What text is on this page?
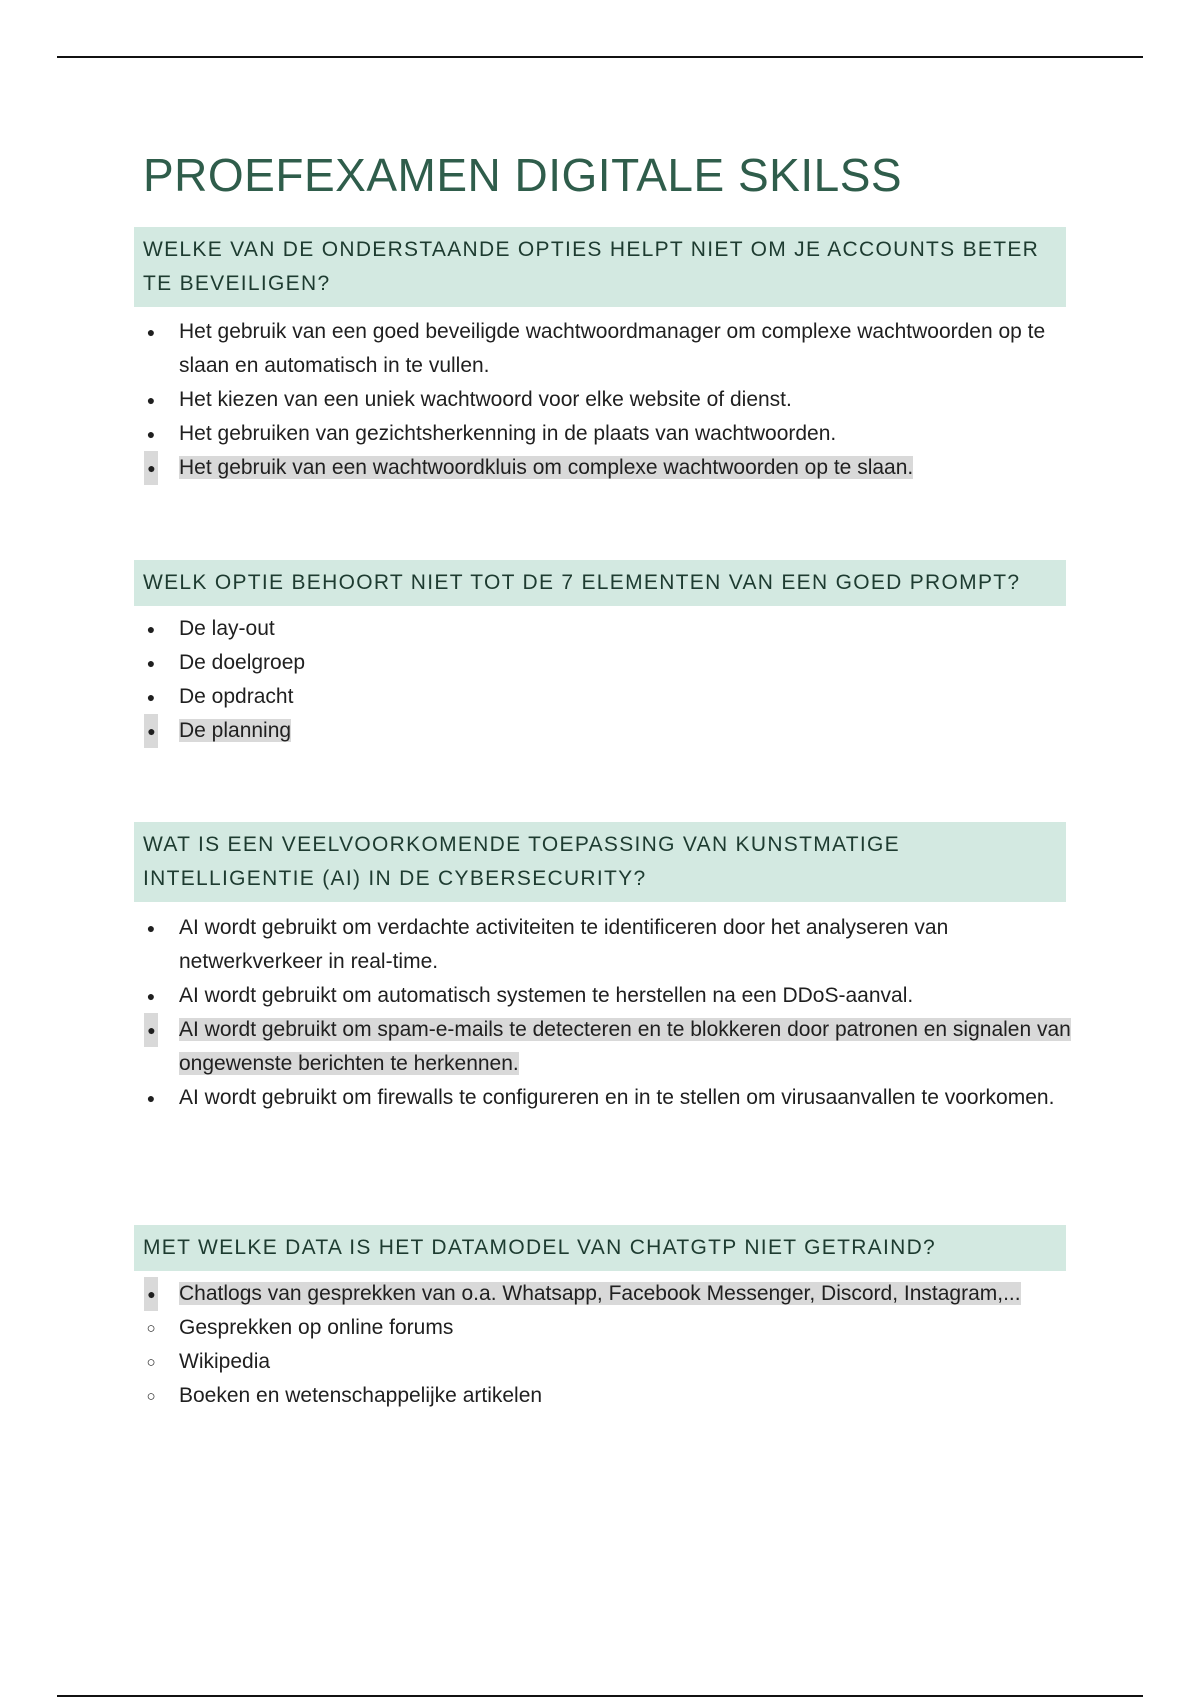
PROEFEXAMEN DIGITALE SKILSS
WELKE VAN DE ONDERSTAANDE OPTIES HELPT NIET OM JE ACCOUNTS BETER TE BEVEILIGEN?
●
Het gebruik van een goed beveiligde wachtwoordmanager om complexe wachtwoorden op te slaan en automatisch in te vullen.
●
Het kiezen van een uniek wachtwoord voor elke website of dienst.
●
Het gebruiken van gezichtsherkenning in de plaats van wachtwoorden.
●
Het gebruik van een wachtwoordkluis om complexe wachtwoorden op te slaan.
WELK OPTIE BEHOORT NIET TOT DE 7 ELEMENTEN VAN EEN GOED PROMPT?
●
De lay-out
●
De doelgroep
●
De opdracht
●
De planning
WAT IS EEN VEELVOORKOMENDE TOEPASSING VAN KUNSTMATIGE INTELLIGENTIE (AI) IN DE CYBERSECURITY?
●
AI wordt gebruikt om verdachte activiteiten te identificeren door het analyseren van netwerkverkeer in real-time.
●
AI wordt gebruikt om automatisch systemen te herstellen na een DDoS-aanval.
●
AI wordt gebruikt om spam-e-mails te detecteren en te blokkeren door patronen en signalen van ongewenste berichten te herkennen.
●
AI wordt gebruikt om firewalls te configureren en in te stellen om virusaanvallen te voorkomen.
MET WELKE DATA IS HET DATAMODEL VAN CHATGTP NIET GETRAIND?
●
Chatlogs van gesprekken van o.a. Whatsapp, Facebook Messenger, Discord, Instagram,...
○
Gesprekken op online forums
○
Wikipedia
○
Boeken en wetenschappelijke artikelen
